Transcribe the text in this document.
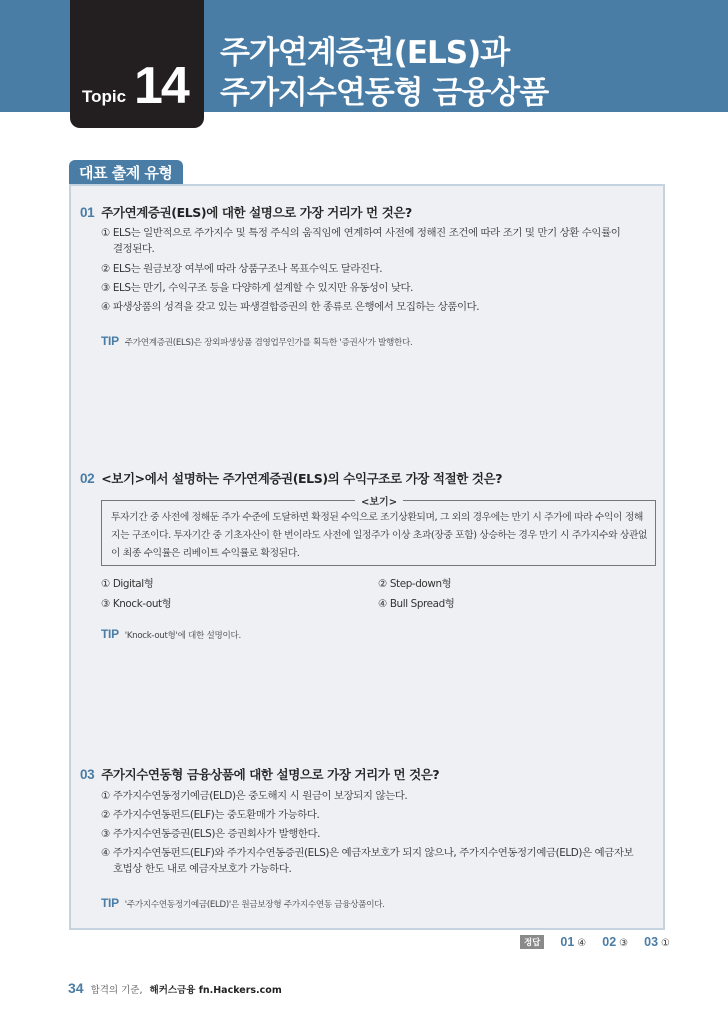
Topic 14
주가연계증권(ELS)과
주가지수연동형 금융상품
대표 출제 유형
01 주가연계증권(ELS)에 대한 설명으로 가장 거리가 먼 것은?
① ELS는 일반적으로 주가지수 및 특정 주식의 움직임에 연계하여 사전에 정해진 조건에 따라 조기 및 만기 상환 수익률이
결정된다.
② ELS는 원금보장 여부에 따라 상품구조나 목표수익도 달라진다.
③ ELS는 만기, 수익구조 등을 다양하게 설계할 수 있지만 유동성이 낮다.
④ 파생상품의 성격을 갖고 있는 파생결합증권의 한 종류로 은행에서 모집하는 상품이다.
TIP 주가연계증권(ELS)은 장외파생상품 겸영업무인가를 획득한 '증권사'가 발행한다.
02 <보기>에서 설명하는 주가연계증권(ELS)의 수익구조로 가장 적절한 것은?
<보기>
투자기간 중 사전에 정해둔 주가 수준에 도달하면 확정된 수익으로 조기상환되며, 그 외의 경우에는 만기 시 주가에 따라 수익이 정해지는 구조이다. 투자기간 중 기초자산이 한 번이라도 사전에 일정주가 이상 초과(장중 포함) 상승하는 경우 만기 시 주가지수와 상관없이 최종 수익률은 리베이트 수익률로 확정된다.
① Digital형	② Step-down형
③ Knock-out형	④ Bull Spread형
TIP 'Knock-out형'에 대한 설명이다.
03 주가지수연동형 금융상품에 대한 설명으로 가장 거리가 먼 것은?
① 주가지수연동정기예금(ELD)은 중도해지 시 원금이 보장되지 않는다.
② 주가지수연동펀드(ELF)는 중도환매가 가능하다.
③ 주가지수연동증권(ELS)은 증권회사가 발행한다.
④ 주가지수연동펀드(ELF)와 주가지수연동증권(ELS)은 예금자보호가 되지 않으나, 주가지수연동정기예금(ELD)은 예금자보
호법상 한도 내로 예금자보호가 가능하다.
TIP '주가지수연동정기예금(ELD)'은 원금보장형 주가지수연동 금융상품이다.
정답	01 ④ 02 ③ 03 ①
34 합격의 기준, 해커스금융 fn.Hackers.com
